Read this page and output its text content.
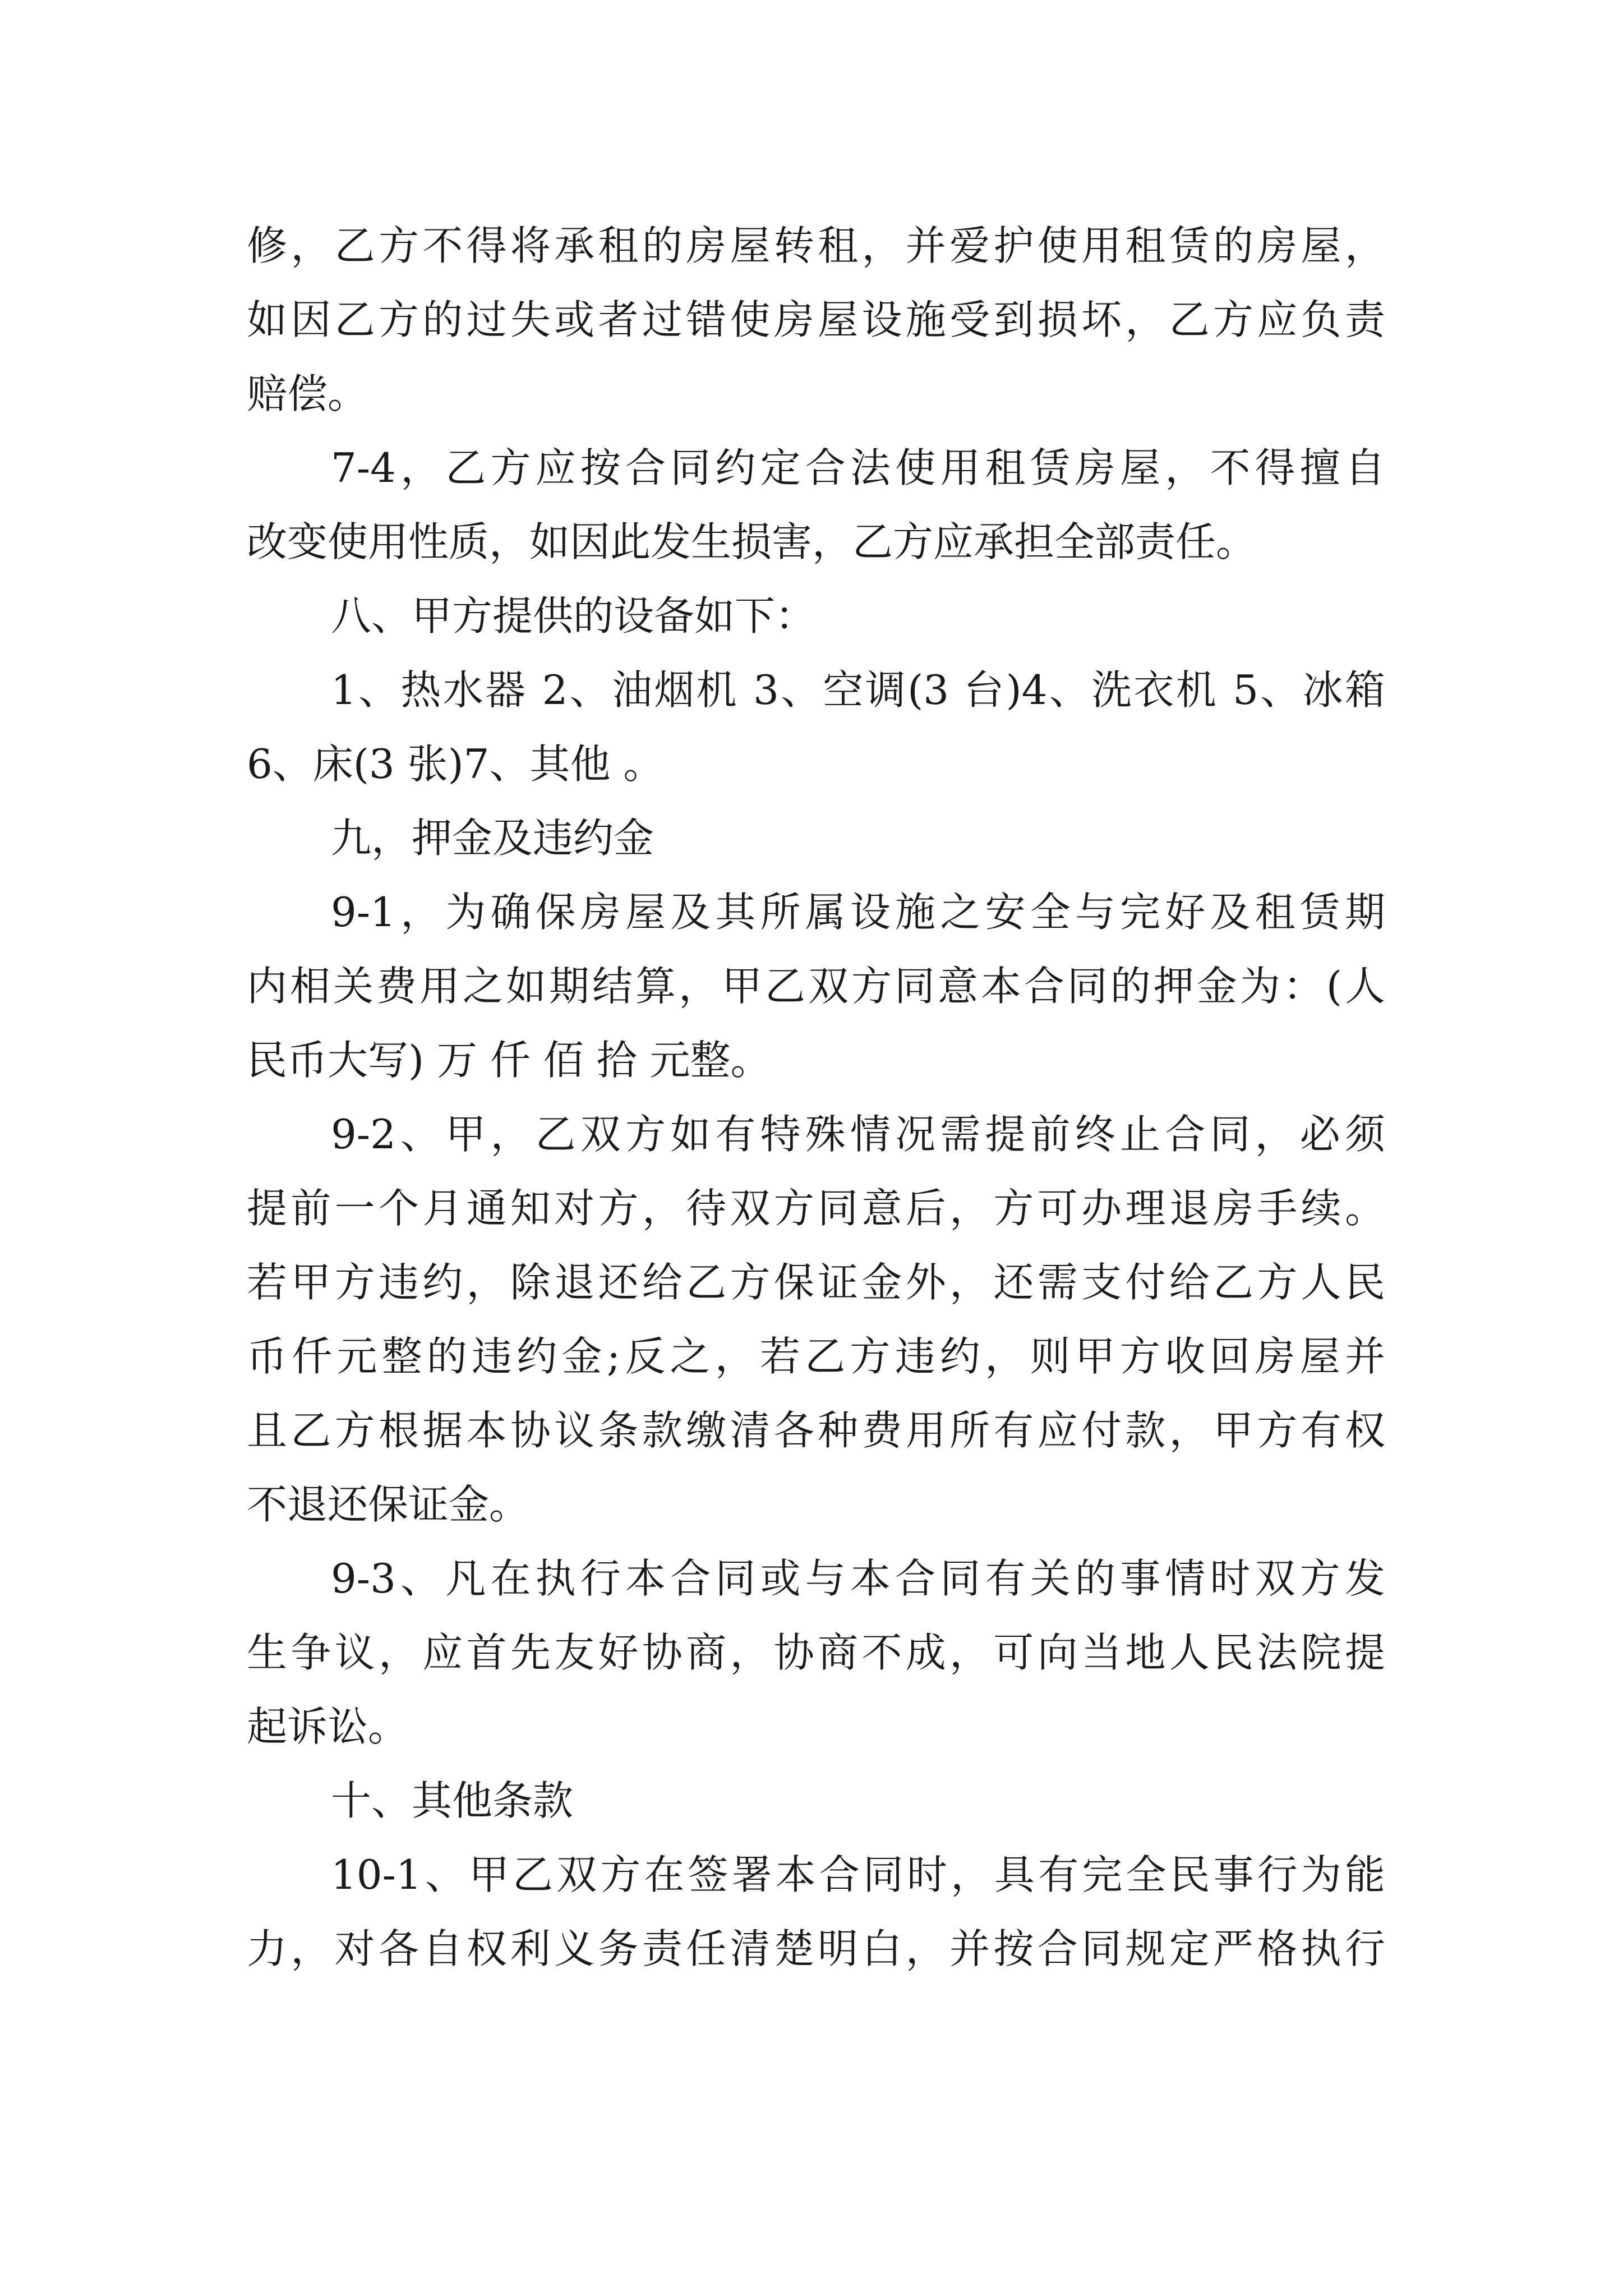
修，乙方不得将承租的房屋转租，并爱护使用租赁的房屋，
如因乙方的过失或者过错使房屋设施受到损坏，乙方应负责
赔偿。
7-4，乙方应按合同约定合法使用租赁房屋，不得擅自
改变使用性质，如因此发生损害，乙方应承担全部责任。
八、甲方提供的设备如下：
1、热水器 2、油烟机 3、空调(3 台)4、洗衣机 5、冰箱
6、床(3 张)7、其他 。
九，押金及违约金
9-1，为确保房屋及其所属设施之安全与完好及租赁期
内相关费用之如期结算，甲乙双方同意本合同的押金为：(人
民币大写) 万 仟 佰 拾 元整。
9-2、甲，乙双方如有特殊情况需提前终止合同，必须
提前一个月通知对方，待双方同意后，方可办理退房手续。
若甲方违约，除退还给乙方保证金外，还需支付给乙方人民
币仟元整的违约金;反之，若乙方违约，则甲方收回房屋并
且乙方根据本协议条款缴清各种费用所有应付款，甲方有权
不退还保证金。
9-3、凡在执行本合同或与本合同有关的事情时双方发
生争议，应首先友好协商，协商不成，可向当地人民法院提
起诉讼。
十、其他条款
10-1、甲乙双方在签署本合同时，具有完全民事行为能
力，对各自权利义务责任清楚明白，并按合同规定严格执行
